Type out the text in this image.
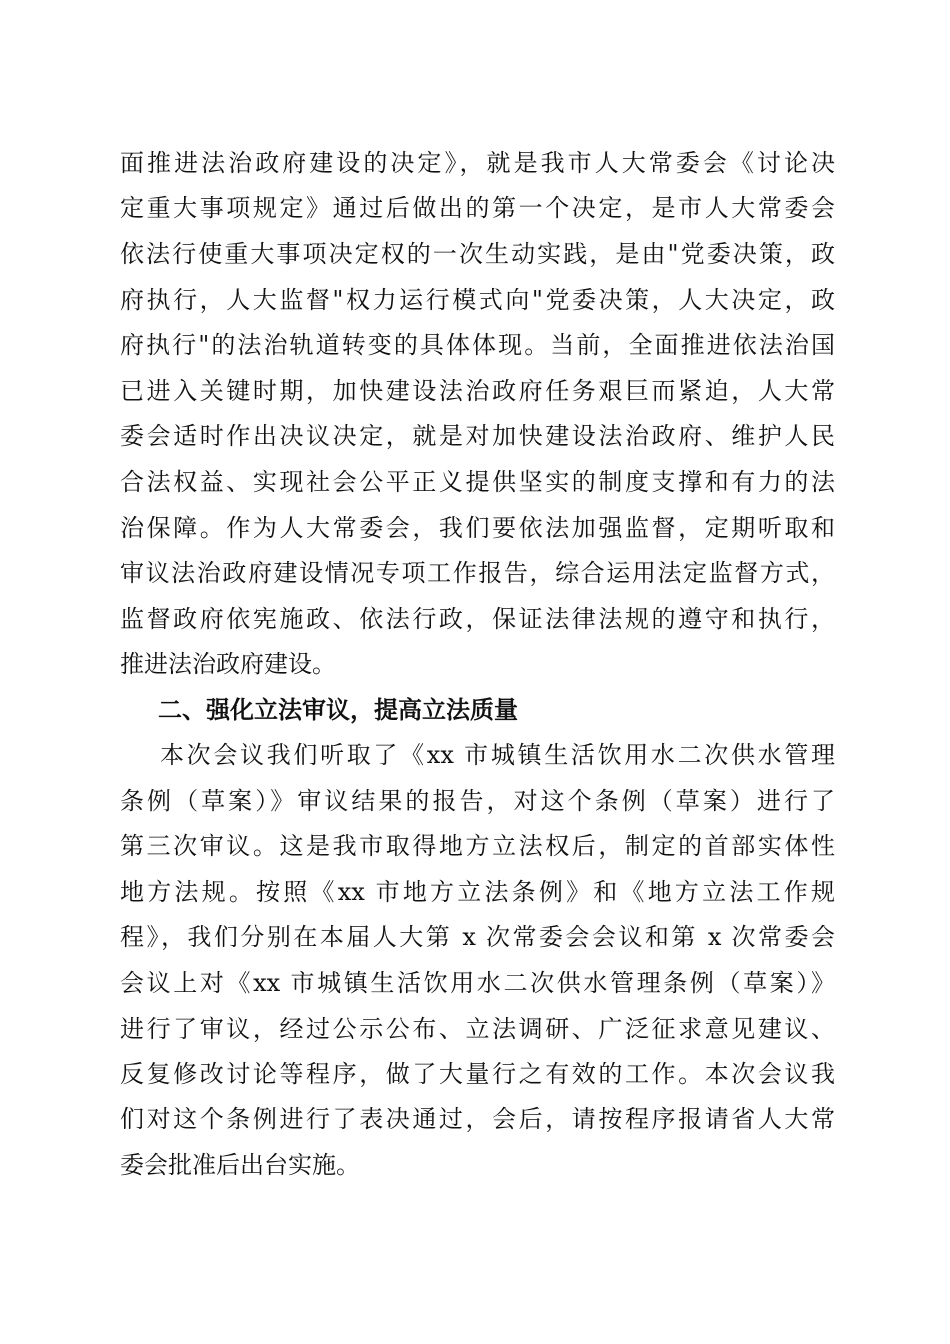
面推进法治政府建设的决定》，就是我市人大常委会《讨论决
定重大事项规定》通过后做出的第一个决定，是市人大常委会
依法行使重大事项决定权的一次生动实践，是由"党委决策，政
府执行，人大监督"权力运行模式向"党委决策，人大决定，政
府执行"的法治轨道转变的具体体现。当前，全面推进依法治国
已进入关键时期，加快建设法治政府任务艰巨而紧迫，人大常
委会适时作出决议决定，就是对加快建设法治政府、维护人民
合法权益、实现社会公平正义提供坚实的制度支撑和有力的法
治保障。作为人大常委会，我们要依法加强监督，定期听取和
审议法治政府建设情况专项工作报告，综合运用法定监督方式，
监督政府依宪施政、依法行政，保证法律法规的遵守和执行，
推进法治政府建设。
二、强化立法审议，提高立法质量
本次会议我们听取了《xx 市城镇生活饮用水二次供水管理
条例（草案）》审议结果的报告，对这个条例（草案）进行了
第三次审议。这是我市取得地方立法权后，制定的首部实体性
地方法规。按照《xx 市地方立法条例》和《地方立法工作规
程》，我们分别在本届人大第 x 次常委会会议和第 x 次常委会
会议上对《xx 市城镇生活饮用水二次供水管理条例（草案）》
进行了审议，经过公示公布、立法调研、广泛征求意见建议、
反复修改讨论等程序，做了大量行之有效的工作。本次会议我
们对这个条例进行了表决通过，会后，请按程序报请省人大常
委会批准后出台实施。
